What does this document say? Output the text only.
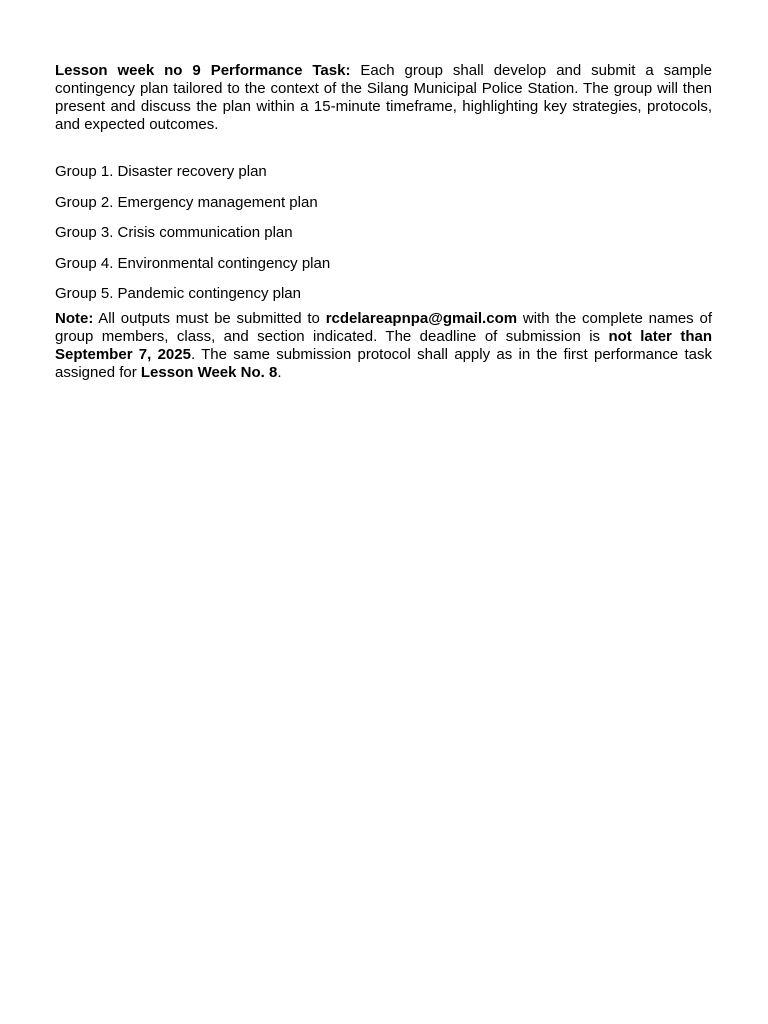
Lesson week no 9 Performance Task: Each group shall develop and submit a sample contingency plan tailored to the context of the Silang Municipal Police Station. The group will then present and discuss the plan within a 15-minute timeframe, highlighting key strategies, protocols, and expected outcomes.

Group 1. Disaster recovery plan

Group 2. Emergency management plan

Group 3. Crisis communication plan

Group 4. Environmental contingency plan

Group 5. Pandemic contingency plan

Note: All outputs must be submitted to rcdelareapnpa@gmail.com with the complete names of group members, class, and section indicated. The deadline of submission is not later than September 7, 2025. The same submission protocol shall apply as in the first performance task assigned for Lesson Week No. 8.
